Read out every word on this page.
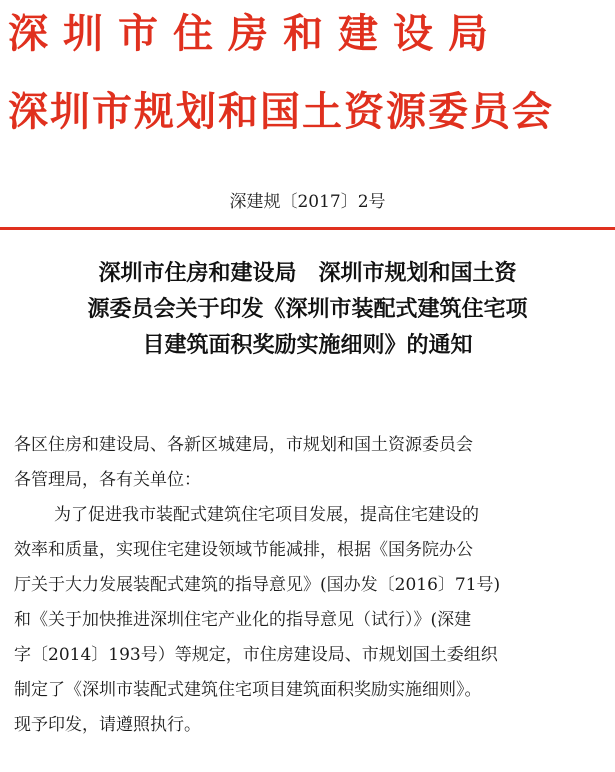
深圳市住房和建设局
深圳市规划和国土资源委员会
深建规〔2017〕2号
深圳市住房和建设局　深圳市规划和国土资
源委员会关于印发《深圳市装配式建筑住宅项
目建筑面积奖励实施细则》的通知
各区住房和建设局、各新区城建局，市规划和国土资源委员会
各管理局，各有关单位：
为了促进我市装配式建筑住宅项目发展，提高住宅建设的
效率和质量，实现住宅建设领域节能减排，根据《国务院办公
厅关于大力发展装配式建筑的指导意见》(国办发〔2016〕71号)
和《关于加快推进深圳住宅产业化的指导意见（试行）》(深建
字〔2014〕193号）等规定，市住房建设局、市规划国土委组织
制定了《深圳市装配式建筑住宅项目建筑面积奖励实施细则》。
现予印发，请遵照执行。
